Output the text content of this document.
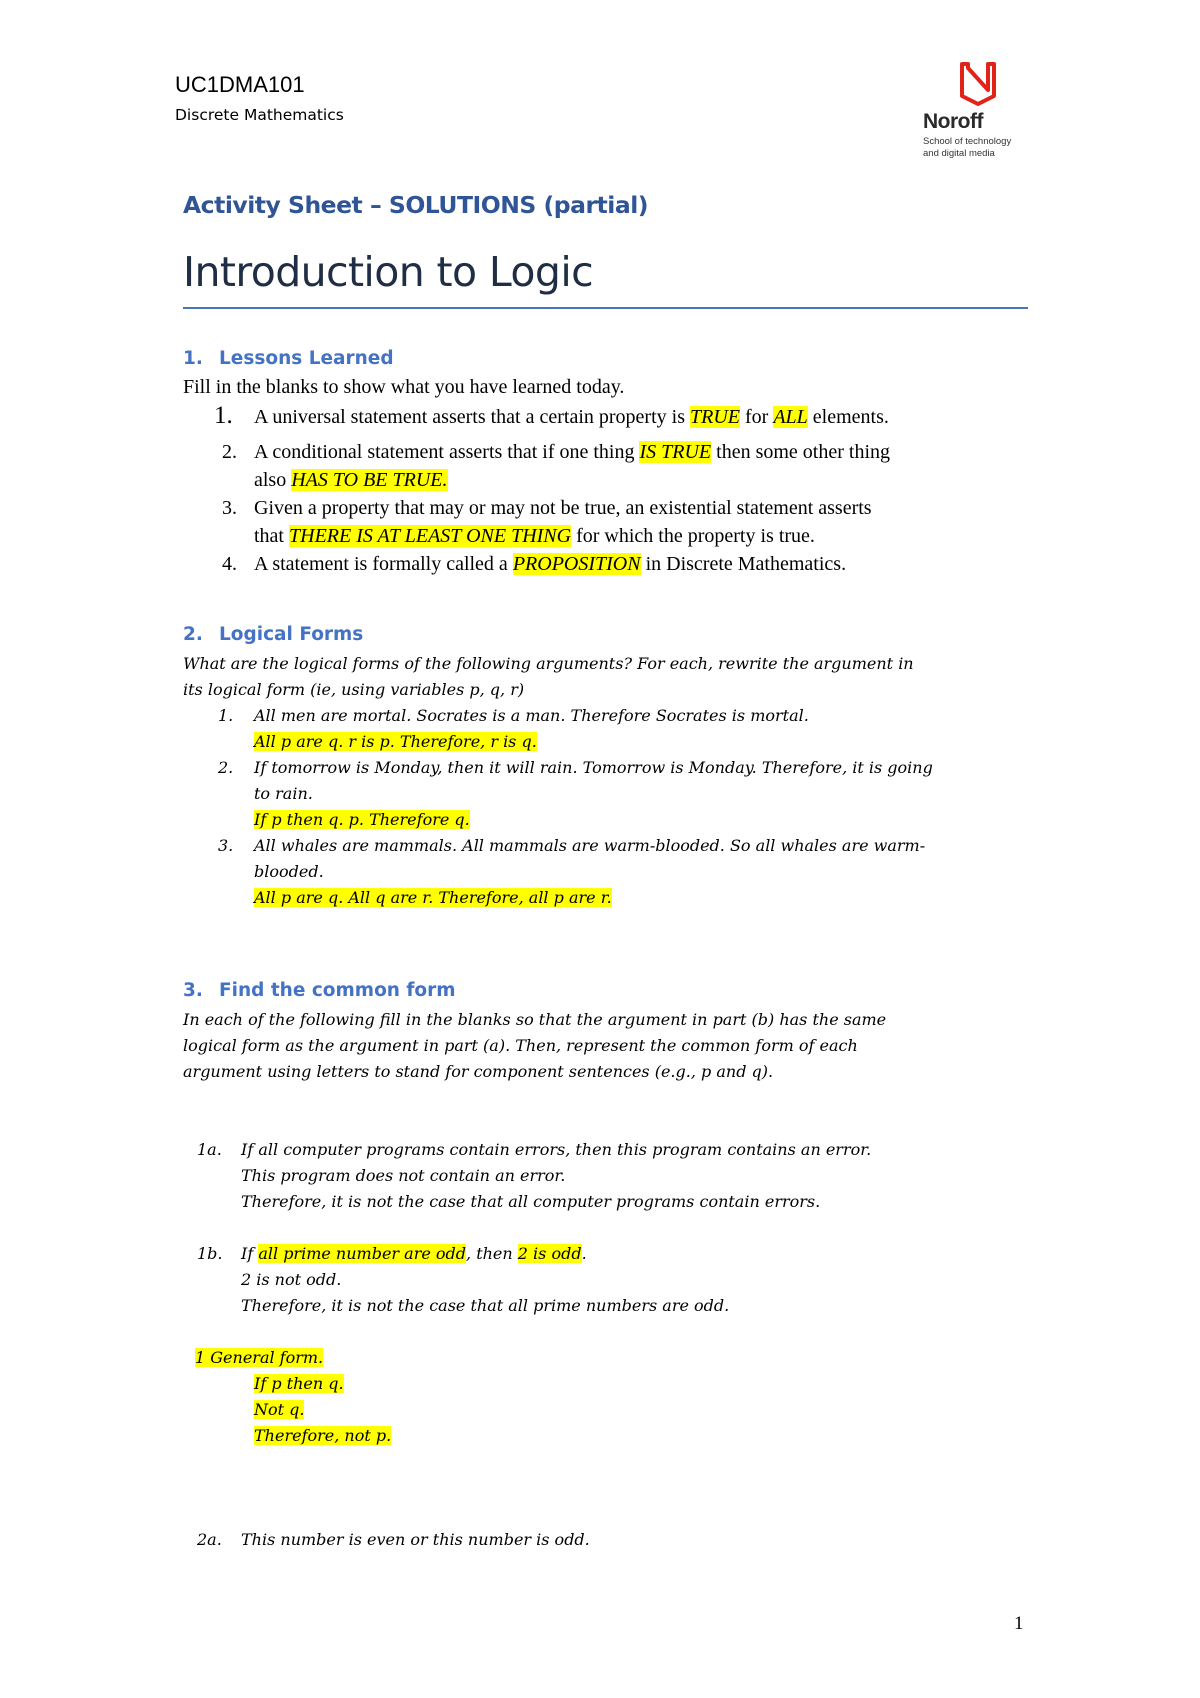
UC1DMA101
Discrete Mathematics	Noroff
School of technology
and digital media
Activity Sheet – SOLUTIONS (partial)
Introduction to Logic
1. Lessons Learned
Fill in the blanks to show what you have learned today.
1. A universal statement asserts that a certain property is TRUE for ALL elements.
2. A conditional statement asserts that if one thing IS TRUE then some other thing
also HAS TO BE TRUE.
3. Given a property that may or may not be true, an existential statement asserts
that THERE IS AT LEAST ONE THING for which the property is true.
4. A statement is formally called a PROPOSITION in Discrete Mathematics.
2. Logical Forms
What are the logical forms of the following arguments? For each, rewrite the argument in
its logical form (ie, using variables p, q, r)
1. All men are mortal. Socrates is a man. Therefore Socrates is mortal.
All p are q. r is p. Therefore, r is q.
2. If tomorrow is Monday, then it will rain. Tomorrow is Monday. Therefore, it is going
to rain.
If p then q. p. Therefore q.
3. All whales are mammals. All mammals are warm-blooded. So all whales are warm-
blooded.
All p are q. All q are r. Therefore, all p are r.
3. Find the common form
In each of the following fill in the blanks so that the argument in part (b) has the same
logical form as the argument in part (a). Then, represent the common form of each
argument using letters to stand for component sentences (e.g., p and q).
1a. If all computer programs contain errors, then this program contains an error.
This program does not contain an error.
Therefore, it is not the case that all computer programs contain errors.
1b. If all prime number are odd, then 2 is odd.
2 is not odd.
Therefore, it is not the case that all prime numbers are odd.
1 General form.
If p then q.
Not q.
Therefore, not p.
2a. This number is even or this number is odd.
1
